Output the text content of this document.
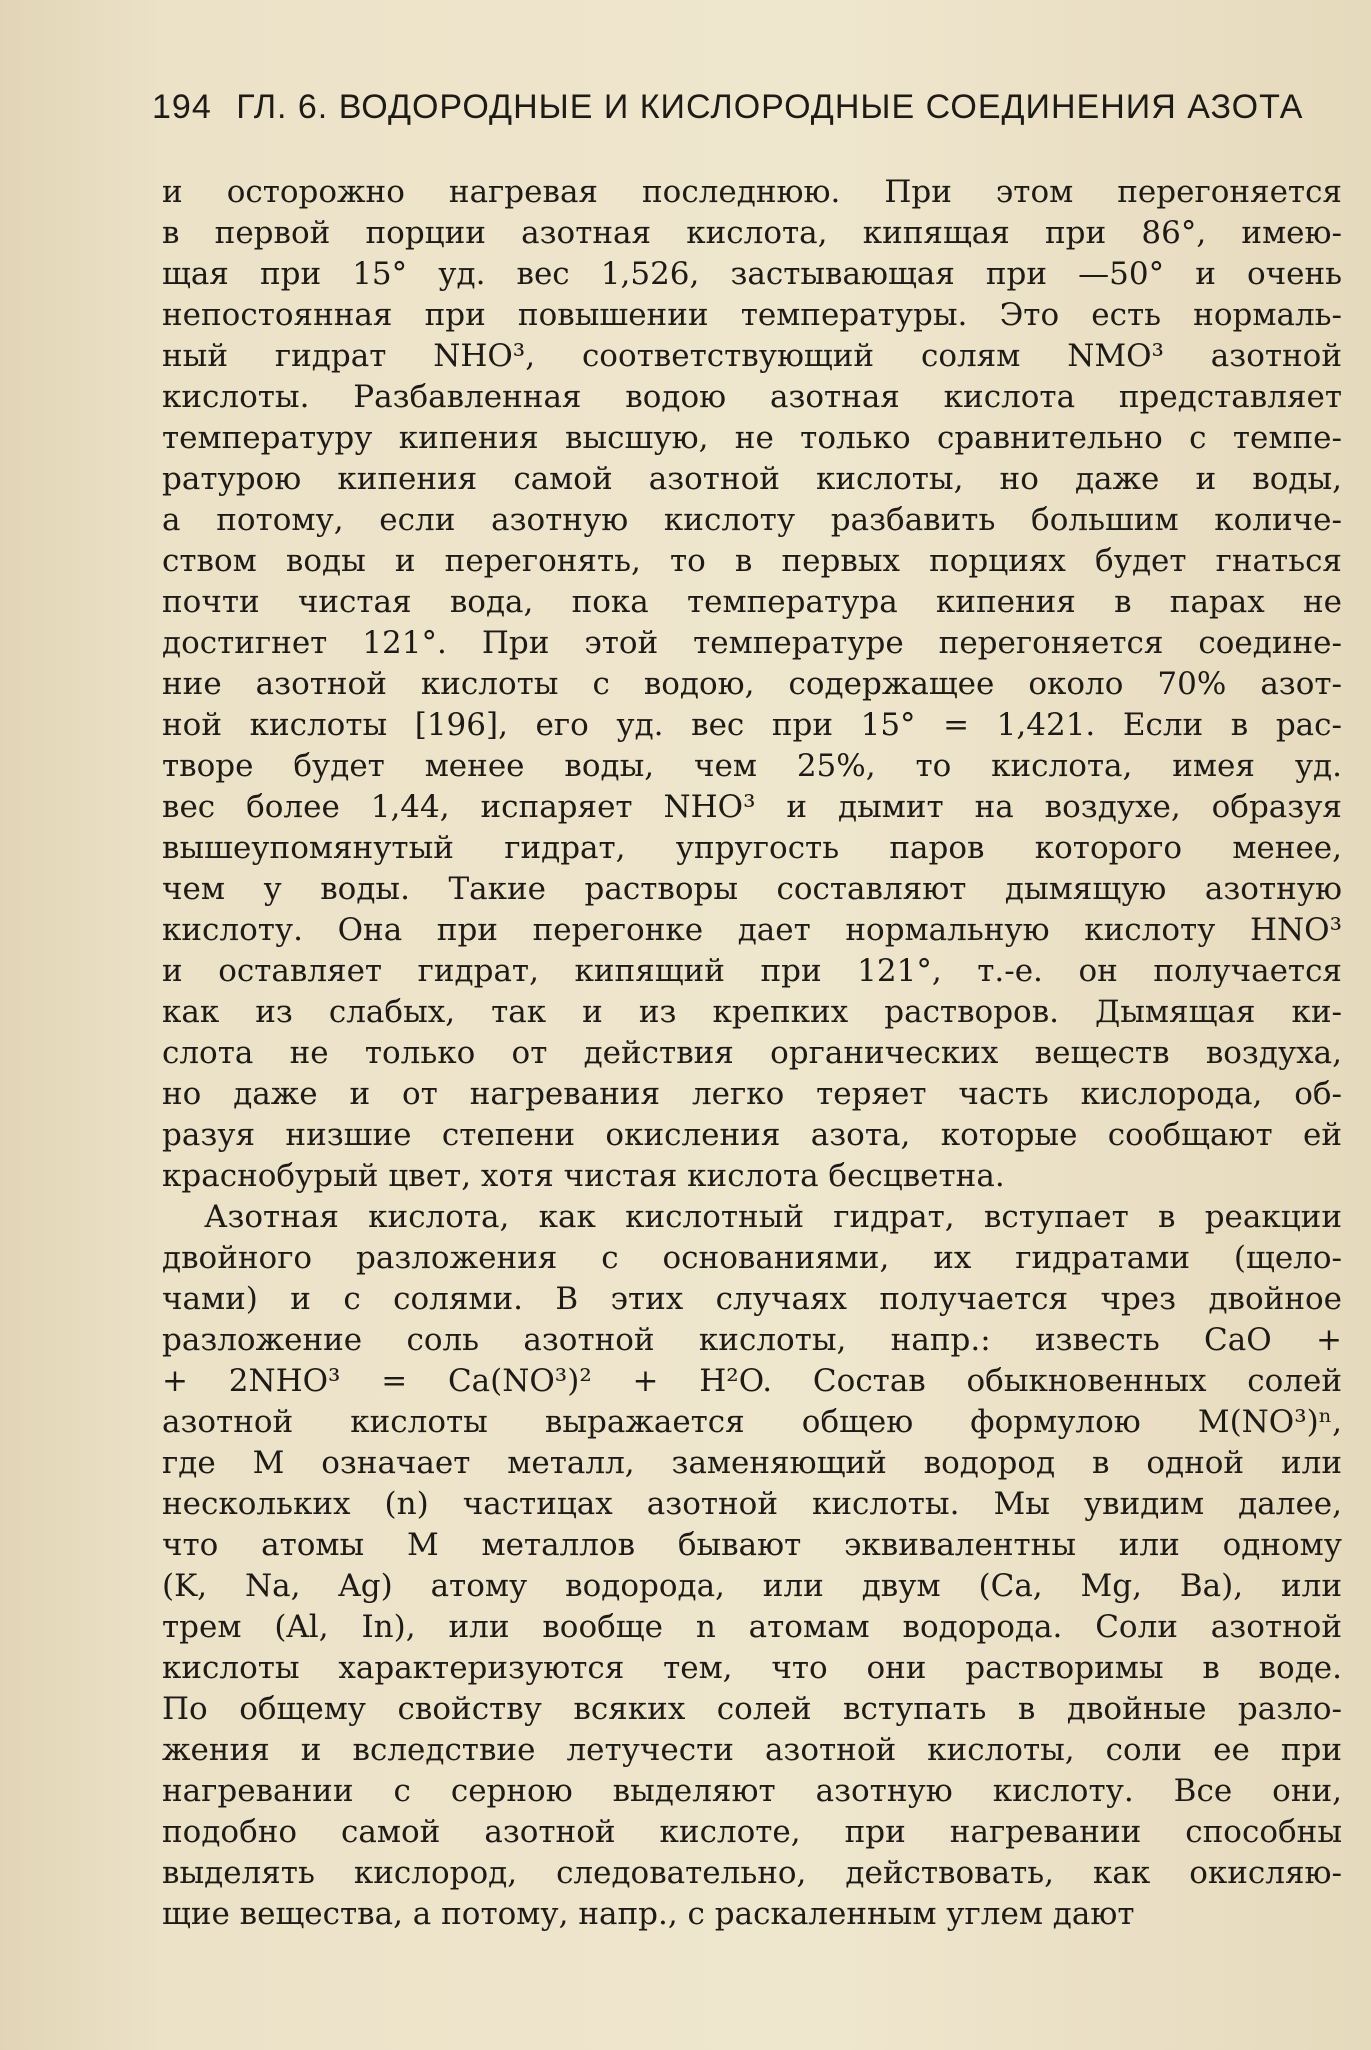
194 ГЛ. 6. ВОДОРОДНЫЕ И КИСЛОРОДНЫЕ СОЕДИНЕНИЯ АЗОТА
и осторожно нагревая последнюю. При этом перегоняется
в первой порции азотная кислота, кипящая при 86°, имею-
щая при 15° уд. вес 1,526, застывающая при —50° и очень
непостоянная при повышении температуры. Это есть нормаль-
ный гидрат NHO³, соответствующий солям NMO³ азотной
кислоты. Разбавленная водою азотная кислота представляет
температуру кипения высшую, не только сравнительно с темпе-
ратурою кипения самой азотной кислоты, но даже и воды,
а потому, если азотную кислоту разбавить большим количе-
ством воды и перегонять, то в первых порциях будет гнаться
почти чистая вода, пока температура кипения в парах не
достигнет 121°. При этой температуре перегоняется соедине-
ние азотной кислоты с водою, содержащее около 70% азот-
ной кислоты [196], его уд. вес при 15° = 1,421. Если в рас-
творе будет менее воды, чем 25%, то кислота, имея уд.
вес более 1,44, испаряет NHO³ и дымит на воздухе, образуя
вышеупомянутый гидрат, упругость паров которого менее,
чем у воды. Такие растворы составляют дымящую азотную
кислоту. Она при перегонке дает нормальную кислоту HNO³
и оставляет гидрат, кипящий при 121°, т.-е. он получается
как из слабых, так и из крепких растворов. Дымящая ки-
слота не только от действия органических веществ воздуха,
но даже и от нагревания легко теряет часть кислорода, об-
разуя низшие степени окисления азота, которые сообщают ей
краснобурый цвет, хотя чистая кислота бесцветна.
Азотная кислота, как кислотный гидрат, вступает в реакции
двойного разложения с основаниями, их гидратами (щело-
чами) и с солями. В этих случаях получается чрез двойное
разложение соль азотной кислоты, напр.: известь CaO +
+ 2NHO³ = Ca(NO³)² + H²O. Состав обыкновенных солей
азотной кислоты выражается общею формулою M(NO³)ⁿ,
где M означает металл, заменяющий водород в одной или
нескольких (n) частицах азотной кислоты. Мы увидим далее,
что атомы M металлов бывают эквивалентны или одному
(K, Na, Ag) атому водорода, или двум (Ca, Mg, Ba), или
трем (Al, In), или вообще n атомам водорода. Соли азотной
кислоты характеризуются тем, что они растворимы в воде.
По общему свойству всяких солей вступать в двойные разло-
жения и вследствие летучести азотной кислоты, соли ее при
нагревании с серною выделяют азотную кислоту. Все они,
подобно самой азотной кислоте, при нагревании способны
выделять кислород, следовательно, действовать, как окисляю-
щие вещества, а потому, напр., с раскаленным углем дают
